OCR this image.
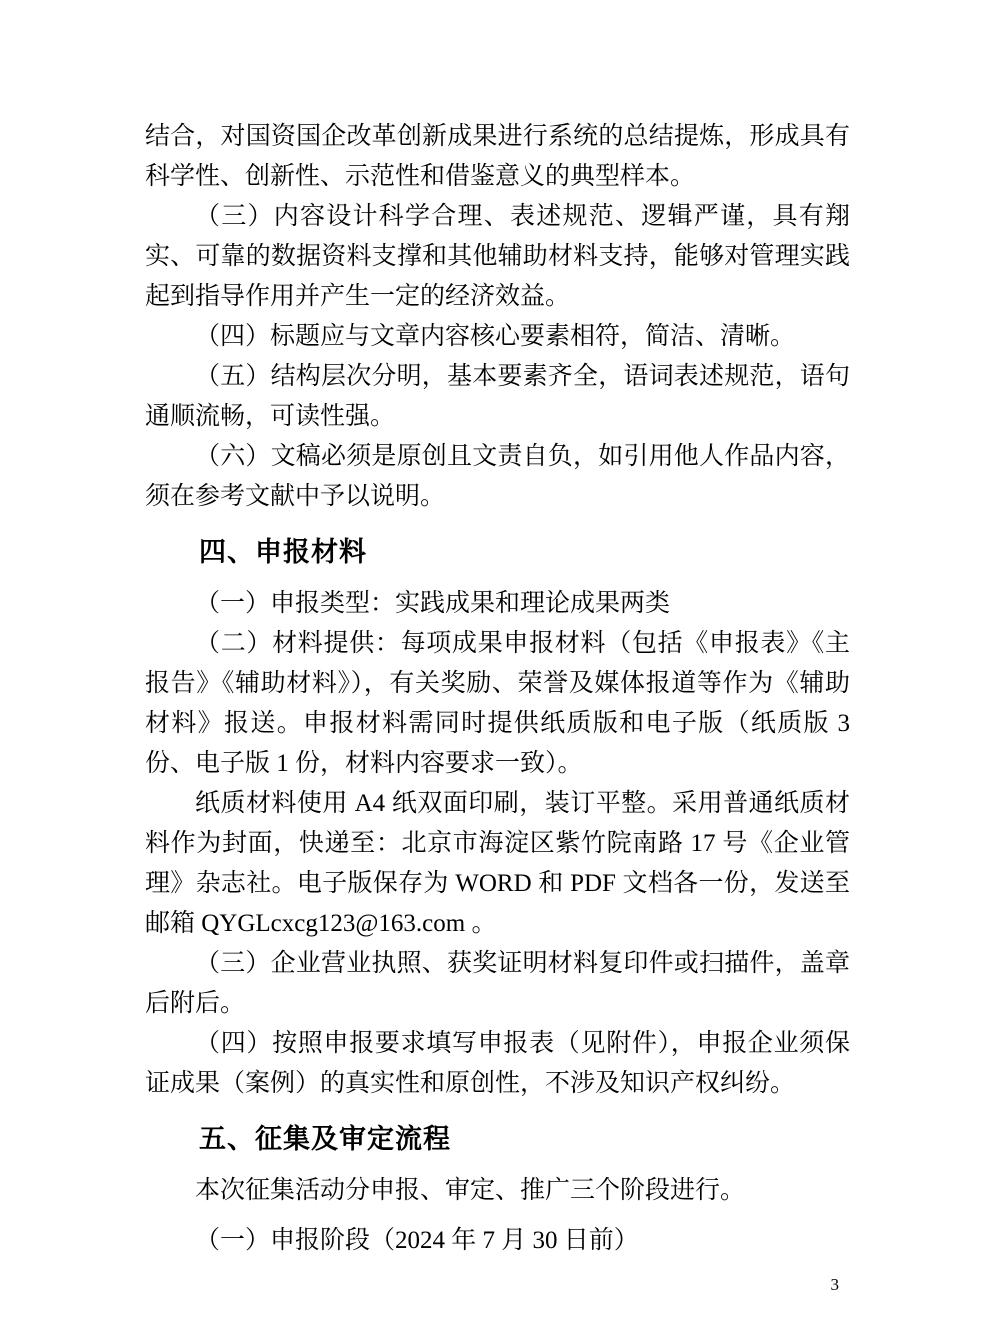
结合，对国资国企改革创新成果进行系统的总结提炼，形成具有科学性、创新性、示范性和借鉴意义的典型样本。

（三）内容设计科学合理、表述规范、逻辑严谨，具有翔实、可靠的数据资料支撑和其他辅助材料支持，能够对管理实践起到指导作用并产生一定的经济效益。

（四）标题应与文章内容核心要素相符，简洁、清晰。

（五）结构层次分明，基本要素齐全，语词表述规范，语句通顺流畅，可读性强。

（六）文稿必须是原创且文责自负，如引用他人作品内容，须在参考文献中予以说明。

四、申报材料

（一）申报类型：实践成果和理论成果两类

（二）材料提供：每项成果申报材料（包括《申报表》《主报告》《辅助材料》），有关奖励、荣誉及媒体报道等作为《辅助材料》报送。申报材料需同时提供纸质版和电子版（纸质版 3 份、电子版 1 份，材料内容要求一致）。

纸质材料使用 A4 纸双面印刷，装订平整。采用普通纸质材料作为封面，快递至：北京市海淀区紫竹院南路 17 号《企业管理》杂志社。电子版保存为 WORD 和 PDF 文档各一份，发送至邮箱 QYGLcxcg123@163.com 。

（三）企业营业执照、获奖证明材料复印件或扫描件，盖章后附后。

（四）按照申报要求填写申报表（见附件），申报企业须保证成果（案例）的真实性和原创性，不涉及知识产权纠纷。

五、征集及审定流程

本次征集活动分申报、审定、推广三个阶段进行。

（一）申报阶段（2024 年 7 月 30 日前）

3
